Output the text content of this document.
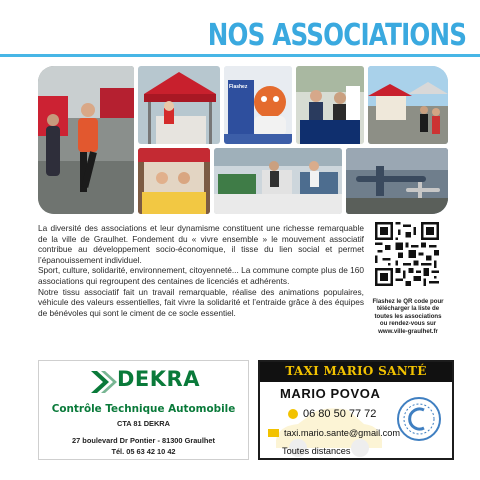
NOS ASSOCIATIONS
Flashez

La diversité des associations et leur dynamisme constituent une richesse remarquable de la ville de Graulhet. Fondement du « vivre ensemble » le mouvement associatif contribue au développement socio-économique, il tisse du lien social et permet l’épanouissement individuel.

Sport, culture, solidarité, environnement, citoyenneté... La commune compte plus de 160 associations qui regroupent des centaines de licenciés et adhérents.

Notre tissu associatif fait un travail remarquable, réalise des animations populaires, véhicule des valeurs essentielles, fait vivre la solidarité et l’entraide grâce à des équipes de bénévoles qui sont le ciment de ce socle essentiel.

Flashez le QR code pour
télécharger la liste de
toutes les associations
ou rendez-vous sur
www.ville-graulhet.fr
DEKRA
Contrôle Technique Automobile
CTA 81 DEKRA
27 boulevard Dr Pontier - 81300 Graulhet
Tél. 05 63 42 10 42
TAXI MARIO SANTÉ
MARIO POVOA
06 80 50 77 72
taxi.mario.sante@gmail.com
Toutes distances
